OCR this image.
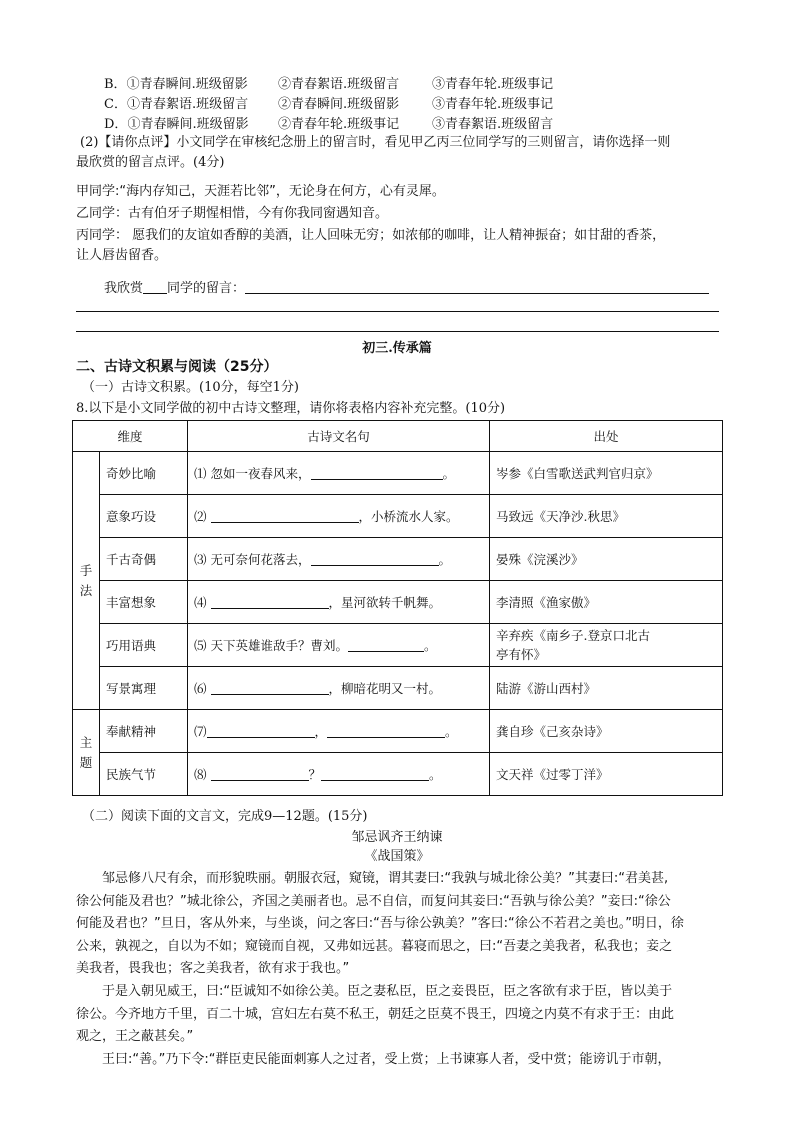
B．①青春瞬间.班级留影 ②青春絮语.班级留言	③青春年轮.班级事记
C．①青春絮语.班级留言 ②青春瞬间.班级留影	③青春年轮.班级事记
D．①青春瞬间.班级留影 ②青春年轮.班级事记	③青春絮语.班级留言
(2)【请你点评】小文同学在审核纪念册上的留言时，看见甲乙丙三位同学写的三则留言，请你选择一则
最欣赏的留言点评。(4分)
甲同学:“海内存知己，天涯若比邻”，无论身在何方，心有灵犀。
乙同学：古有伯牙子期惺相惜，今有你我同窗遇知音。
丙同学： 愿我们的友谊如香醇的美酒，让人回味无穷；如浓郁的咖啡，让人精神振奋；如甘甜的香茶，
让人唇齿留香。
我欣赏 同学的留言：
初三.传承篇
二、古诗文积累与阅读（25分）
（一）古诗文积累。(10分，每空1分)
8.以下是小文同学做的初中古诗文整理，请你将表格内容补充完整。(10分)
维度		古诗文名句	出处
手
法	奇妙比喻	⑴ 忽如一夜春风来， 。	岑参《白雪歌送武判官归京》
	意象巧设	⑵ ，小桥流水人家。	马致远《天净沙.秋思》
	千古奇偶	⑶ 无可奈何花落去， 。	晏殊《浣溪沙》
	丰富想象	⑷ ，星河欲转千帆舞。	李清照《渔家傲》
	巧用语典	⑸ 天下英雄谁敌手？曹刘。 。	辛弃疾《南乡子.登京口北古
亭有怀》
	写景寓理	⑹ ，柳暗花明又一村。	陆游《游山西村》
主
题	奉献精神	⑺ ， 。	龚自珍《己亥杂诗》
	民族气节	⑻ ？ 。	文天祥《过零丁洋》
（二）阅读下面的文言文，完成9—12题。(15分)
邹忌讽齐王纳谏
《战国策》
邹忌修八尺有余，而形貌昳丽。朝服衣冠，窥镜，谓其妻曰:“我孰与城北徐公美？”其妻曰:“君美甚,
徐公何能及君也？”城北徐公，齐国之美丽者也。忌不自信，而复问其妾曰:“吾孰与徐公美？”妾曰:“徐公
何能及君也？”旦日，客从外来，与坐谈，问之客曰:“吾与徐公孰美？”客曰:“徐公不若君之美也。”明日，徐
公来，孰视之，自以为不如；窥镜而自视，又弗如远甚。暮寝而思之，曰:“吾妻之美我者，私我也；妾之
美我者，畏我也；客之美我者，欲有求于我也。”
于是入朝见威王，曰:“臣诚知不如徐公美。臣之妻私臣，臣之妾畏臣，臣之客欲有求于臣，皆以美于
徐公。今齐地方千里，百二十城，宫妇左右莫不私王，朝廷之臣莫不畏王，四境之内莫不有求于王：由此
观之，王之蔽甚矣。”
王曰:“善。”乃下令:“群臣吏民能面刺寡人之过者，受上赏；上书谏寡人者，受中赏；能谤讥于市朝，
